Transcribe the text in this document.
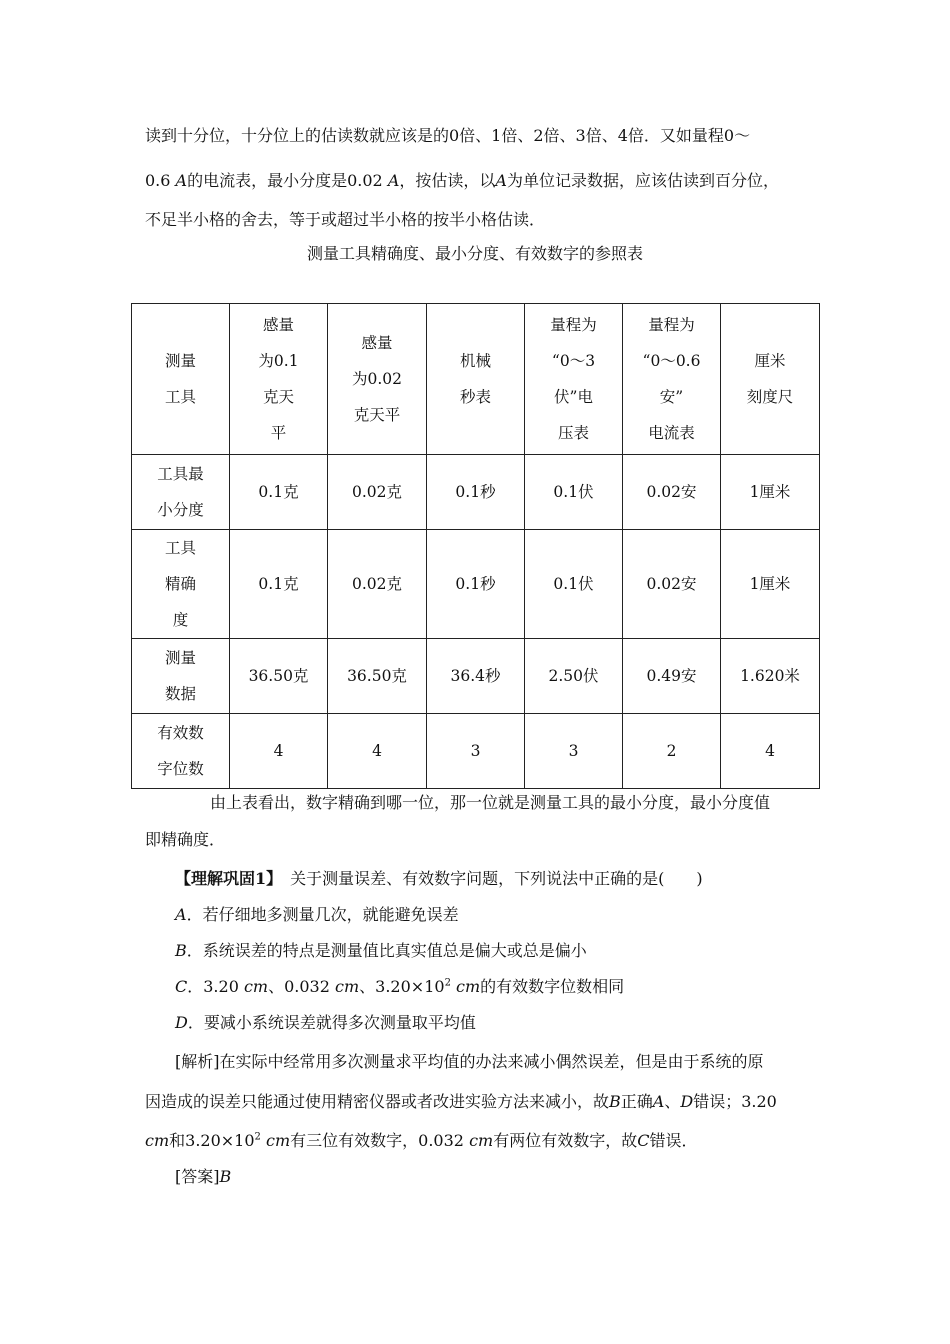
读到十分位，十分位上的估读数就应该是的0倍、1倍、2倍、3倍、4倍．又如量程0～
0.6 A的电流表，最小分度是0.02 A，按估读，以A为单位记录数据，应该估读到百分位，
不足半小格的舍去，等于或超过半小格的按半小格估读．
测量工具精确度、最小分度、有效数字的参照表
测量
工具	感量
为0.1
克天
平	感量
为0.02
克天平	机械
秒表	量程为
“0～3
伏”电
压表	量程为
“0～0.6
安”
电流表	厘米
刻度尺
工具最
小分度	0.1克	0.02克	0.1秒	0.1伏	0.02安	1厘米
工具
精确
度	0.1克	0.02克	0.1秒	0.1伏	0.02安	1厘米
测量
数据	36.50克	36.50克	36.4秒	2.50伏	0.49安	1.620米
有效数
字位数	4	4	3	3	2	4
由上表看出，数字精确到哪一位，那一位就是测量工具的最小分度，最小分度值
即精确度．
【理解巩固1】　关于测量误差、有效数字问题，下列说法中正确的是(　　)
A．若仔细地多测量几次，就能避免误差
B．系统误差的特点是测量值比真实值总是偏大或总是偏小
C．3.20 cm、0.032 cm、$3.20\times 10^2$ cm的有效数字位数相同
D．要减小系统误差就得多次测量取平均值
[解析]在实际中经常用多次测量求平均值的办法来减小偶然误差，但是由于系统的原
因造成的误差只能通过使用精密仪器或者改进实验方法来减小，故B正确A、D错误；3.20
cm和$3.20\times 10^2$ cm有三位有效数字，0.032 cm有两位有效数字，故C错误．
[答案]B
